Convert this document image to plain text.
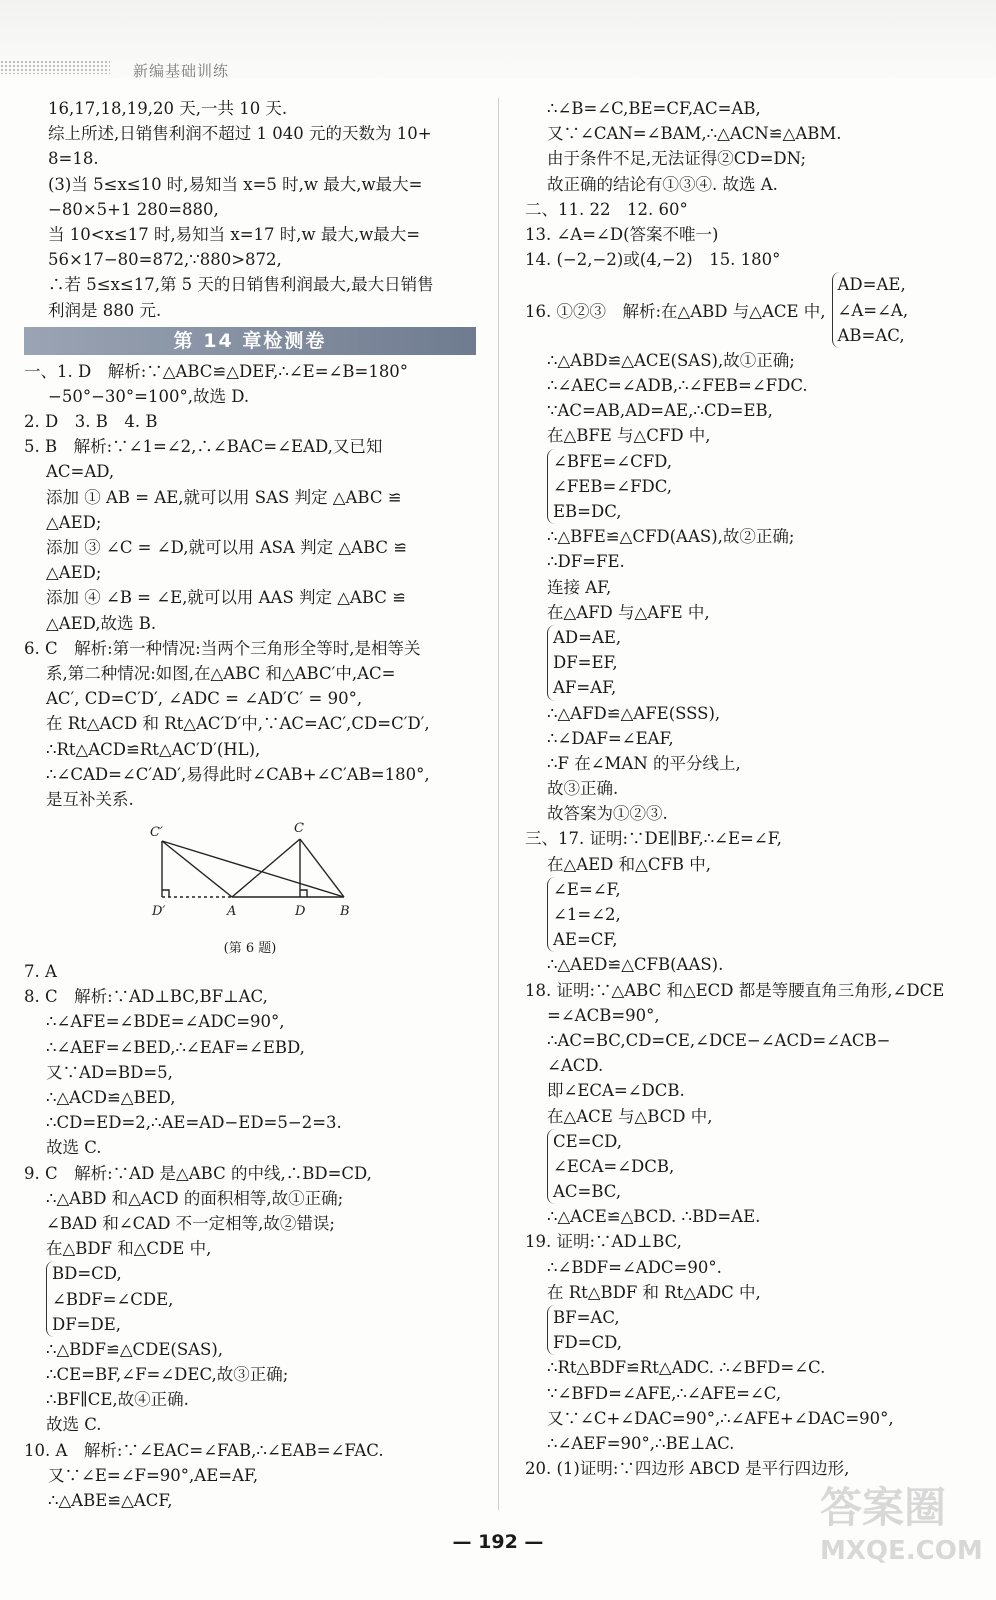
新编基础训练
16,17,18,19,20 天,一共 10 天.
综上所述,日销售利润不超过 1 040 元的天数为 10+
8=18.
(3)当 5≤x≤10 时,易知当 x=5 时,w 最大,w最大=
−80×5+1 280=880,
当 10<x≤17 时,易知当 x=17 时,w 最大,w最大=
56×17−80=872,∵880>872,
∴若 5≤x≤17,第 5 天的日销售利润最大,最大日销售
利润是 880 元.
第 14 章检测卷
一、1. D　解析:∵△ABC≌△DEF,∴∠E=∠B=180°
−50°−30°=100°,故选 D.
2. D　3. B　4. B
5. B　解析:∵∠1=∠2,∴∠BAC=∠EAD,又已知
AC=AD,
添加 ① AB = AE,就可以用 SAS 判定 △ABC ≌
△AED;
添加 ③ ∠C = ∠D,就可以用 ASA 判定 △ABC ≌
△AED;
添加 ④ ∠B = ∠E,就可以用 AAS 判定 △ABC ≌
△AED,故选 B.
6. C　解析:第一种情况:当两个三角形全等时,是相等关
系,第二种情况:如图,在△ABC 和△ABC′中,AC=
AC′, CD=C′D′, ∠ADC = ∠AD′C′ = 90°,
在 Rt△ACD 和 Rt△AC′D′中,∵AC=AC′,CD=C′D′,
∴Rt△ACD≌Rt△AC′D′(HL),
∴∠CAD=∠C′AD′,易得此时∠CAB+∠C′AB=180°,
是互补关系.
C′	C
D′	A	D	B
(第 6 题)
7. A
8. C　解析:∵AD⊥BC,BF⊥AC,
∴∠AFE=∠BDE=∠ADC=90°,
∴∠AEF=∠BED,∴∠EAF=∠EBD,
又∵AD=BD=5,
∴△ACD≌△BED,
∴CD=ED=2,∴AE=AD−ED=5−2=3.
故选 C.
9. C　解析:∵AD 是△ABC 的中线,∴BD=CD,
∴△ABD 和△ACD 的面积相等,故①正确;
∠BAD 和∠CAD 不一定相等,故②错误;
在△BDF 和△CDE 中,
BD=CD,
∠BDF=∠CDE,
DF=DE,
∴△BDF≌△CDE(SAS),
∴CE=BF,∠F=∠DEC,故③正确;
∴BF∥CE,故④正确.
故选 C.
10. A　解析:∵∠EAC=∠FAB,∴∠EAB=∠FAC.
又∵∠E=∠F=90°,AE=AF,
∴△ABE≌△ACF,
∴∠B=∠C,BE=CF,AC=AB,
又∵∠CAN=∠BAM,∴△ACN≌△ABM.
由于条件不足,无法证得②CD=DN;
故正确的结论有①③④. 故选 A.
二、11. 22　12. 60°
13. ∠A=∠D(答案不唯一)
14. (−2,−2)或(4,−2)　15. 180°
16. ①②③　解析:在△ABD 与△ACE 中,
AD=AE,
∠A=∠A,
AB=AC,
∴△ABD≌△ACE(SAS),故①正确;
∴∠AEC=∠ADB,∴∠FEB=∠FDC.
∵AC=AB,AD=AE,∴CD=EB,
在△BFE 与△CFD 中,
∠BFE=∠CFD,
∠FEB=∠FDC,
EB=DC,
∴△BFE≌△CFD(AAS),故②正确;
∴DF=FE.
连接 AF,
在△AFD 与△AFE 中,
AD=AE,
DF=EF,
AF=AF,
∴△AFD≌△AFE(SSS),
∴∠DAF=∠EAF,
∴F 在∠MAN 的平分线上,
故③正确.
故答案为①②③.
三、17. 证明:∵DE∥BF,∴∠E=∠F,
在△AED 和△CFB 中,
∠E=∠F,
∠1=∠2,
AE=CF,
∴△AED≌△CFB(AAS).
18. 证明:∵△ABC 和△ECD 都是等腰直角三角形,∠DCE
=∠ACB=90°,
∴AC=BC,CD=CE,∠DCE−∠ACD=∠ACB−
∠ACD.
即∠ECA=∠DCB.
在△ACE 与△BCD 中,
CE=CD,
∠ECA=∠DCB,
AC=BC,
∴△ACE≌△BCD. ∴BD=AE.
19. 证明:∵AD⊥BC,
∴∠BDF=∠ADC=90°.
在 Rt△BDF 和 Rt△ADC 中,
BF=AC,
FD=CD,
∴Rt△BDF≌Rt△ADC. ∴∠BFD=∠C.
∵∠BFD=∠AFE,∴∠AFE=∠C,
又∵∠C+∠DAC=90°,∴∠AFE+∠DAC=90°,
∴∠AEF=90°,∴BE⊥AC.
20. (1)证明:∵四边形 ABCD 是平行四边形,
— 192 —
答案圈
MXQE.COM
